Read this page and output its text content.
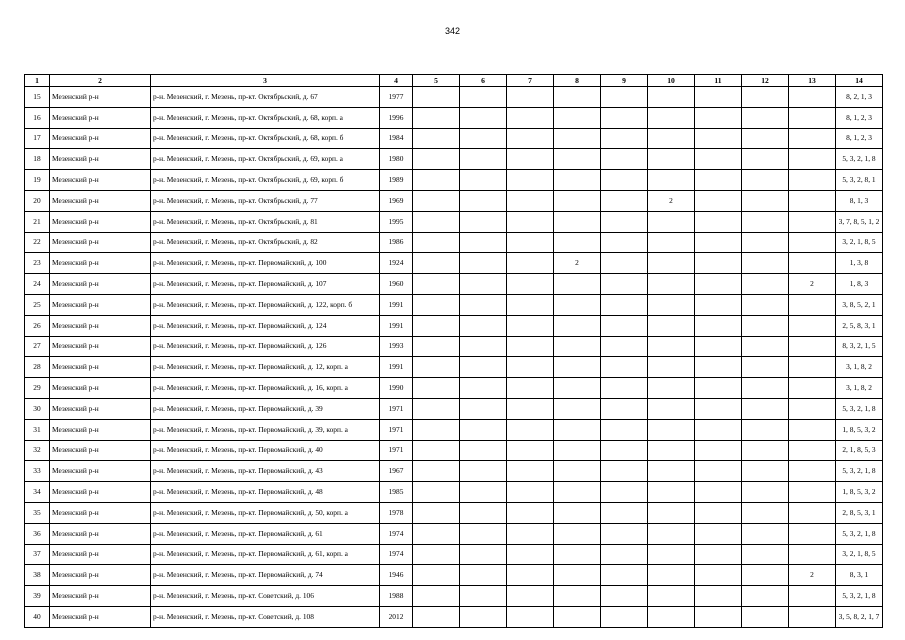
342
1	2	3	4	5	6	7	8	9	10	11	12	13	14
15	Мезенский р-н	р-н. Мезенский, г. Мезень, пр-кт. Октябрьский, д. 67	1977										8, 2, 1, 3
16	Мезенский р-н	р-н. Мезенский, г. Мезень, пр-кт. Октябрьский, д. 68, корп. а	1996										8, 1, 2, 3
17	Мезенский р-н	р-н. Мезенский, г. Мезень, пр-кт. Октябрьский, д. 68, корп. б	1984										8, 1, 2, 3
18	Мезенский р-н	р-н. Мезенский, г. Мезень, пр-кт. Октябрьский, д. 69, корп. а	1980										5, 3, 2, 1, 8
19	Мезенский р-н	р-н. Мезенский, г. Мезень, пр-кт. Октябрьский, д. 69, корп. б	1989										5, 3, 2, 8, 1
20	Мезенский р-н	р-н. Мезенский, г. Мезень, пр-кт. Октябрьский, д. 77	1969						2				8, 1, 3
21	Мезенский р-н	р-н. Мезенский, г. Мезень, пр-кт. Октябрьский, д. 81	1995										3, 7, 8, 5, 1, 2
22	Мезенский р-н	р-н. Мезенский, г. Мезень, пр-кт. Октябрьский, д. 82	1986										3, 2, 1, 8, 5
23	Мезенский р-н	р-н. Мезенский, г. Мезень, пр-кт. Первомайский, д. 100	1924				2						1, 3, 8
24	Мезенский р-н	р-н. Мезенский, г. Мезень, пр-кт. Первомайский, д. 107	1960									2	1, 8, 3
25	Мезенский р-н	р-н. Мезенский, г. Мезень, пр-кт. Первомайский, д. 122, корп. б	1991										3, 8, 5, 2, 1
26	Мезенский р-н	р-н. Мезенский, г. Мезень, пр-кт. Первомайский, д. 124	1991										2, 5, 8, 3, 1
27	Мезенский р-н	р-н. Мезенский, г. Мезень, пр-кт. Первомайский, д. 126	1993										8, 3, 2, 1, 5
28	Мезенский р-н	р-н. Мезенский, г. Мезень, пр-кт. Первомайский, д. 12, корп. а	1991										3, 1, 8, 2
29	Мезенский р-н	р-н. Мезенский, г. Мезень, пр-кт. Первомайский, д. 16, корп. а	1990										3, 1, 8, 2
30	Мезенский р-н	р-н. Мезенский, г. Мезень, пр-кт. Первомайский, д. 39	1971										5, 3, 2, 1, 8
31	Мезенский р-н	р-н. Мезенский, г. Мезень, пр-кт. Первомайский, д. 39, корп. а	1971										1, 8, 5, 3, 2
32	Мезенский р-н	р-н. Мезенский, г. Мезень, пр-кт. Первомайский, д. 40	1971										2, 1, 8, 5, 3
33	Мезенский р-н	р-н. Мезенский, г. Мезень, пр-кт. Первомайский, д. 43	1967										5, 3, 2, 1, 8
34	Мезенский р-н	р-н. Мезенский, г. Мезень, пр-кт. Первомайский, д. 48	1985										1, 8, 5, 3, 2
35	Мезенский р-н	р-н. Мезенский, г. Мезень, пр-кт. Первомайский, д. 50, корп. а	1978										2, 8, 5, 3, 1
36	Мезенский р-н	р-н. Мезенский, г. Мезень, пр-кт. Первомайский, д. 61	1974										5, 3, 2, 1, 8
37	Мезенский р-н	р-н. Мезенский, г. Мезень, пр-кт. Первомайский, д. 61, корп. а	1974										3, 2, 1, 8, 5
38	Мезенский р-н	р-н. Мезенский, г. Мезень, пр-кт. Первомайский, д. 74	1946									2	8, 3, 1
39	Мезенский р-н	р-н. Мезенский, г. Мезень, пр-кт. Советский, д. 106	1988										5, 3, 2, 1, 8
40	Мезенский р-н	р-н. Мезенский, г. Мезень, пр-кт. Советский, д. 108	2012										3, 5, 8, 2, 1, 7
